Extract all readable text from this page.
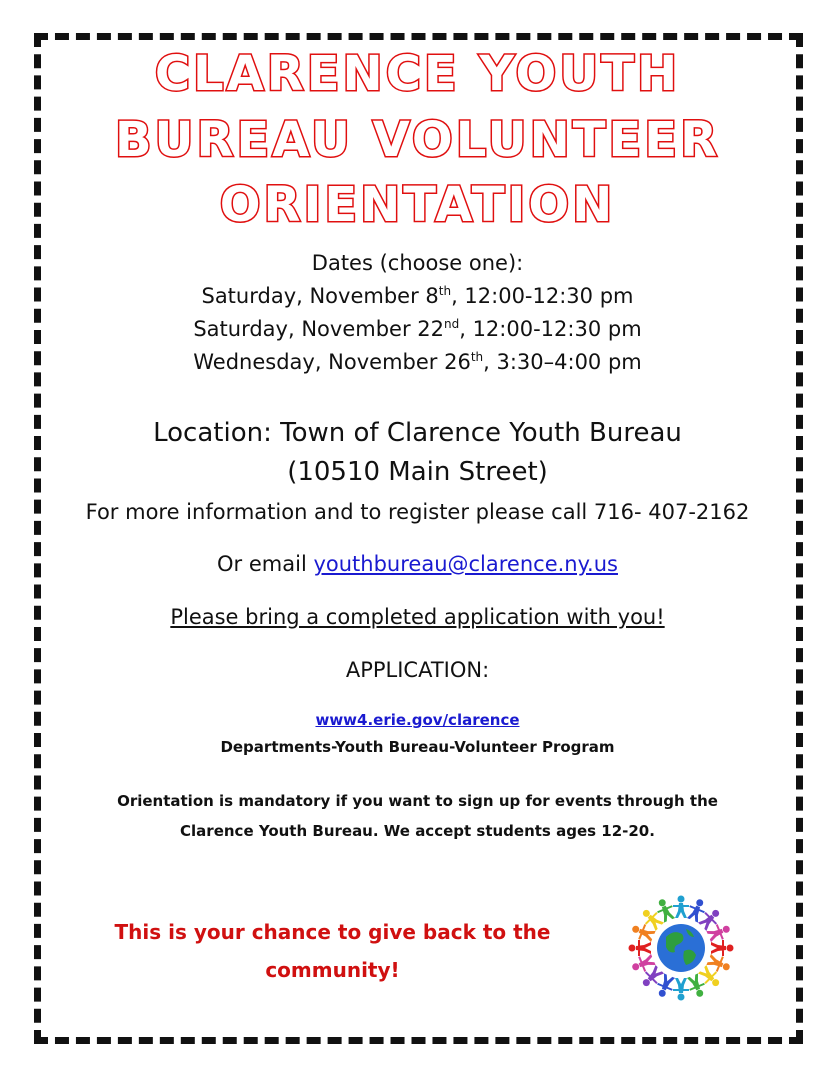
CLARENCE YOUTH
BUREAU VOLUNTEER
ORIENTATION
Dates (choose one):
Saturday, November 8th, 12:00-12:30 pm
Saturday, November 22nd, 12:00-12:30 pm
Wednesday, November 26th, 3:30–4:00 pm
Location: Town of Clarence Youth Bureau
(10510 Main Street)
For more information and to register please call 716- 407-2162
Or email youthbureau@clarence.ny.us
Please bring a completed application with you!
APPLICATION:
www4.erie.gov/clarence
Departments-Youth Bureau-Volunteer Program
Orientation is mandatory if you want to sign up for events through the
Clarence Youth Bureau. We accept students ages 12-20.
This is your chance to give back to the
community!
